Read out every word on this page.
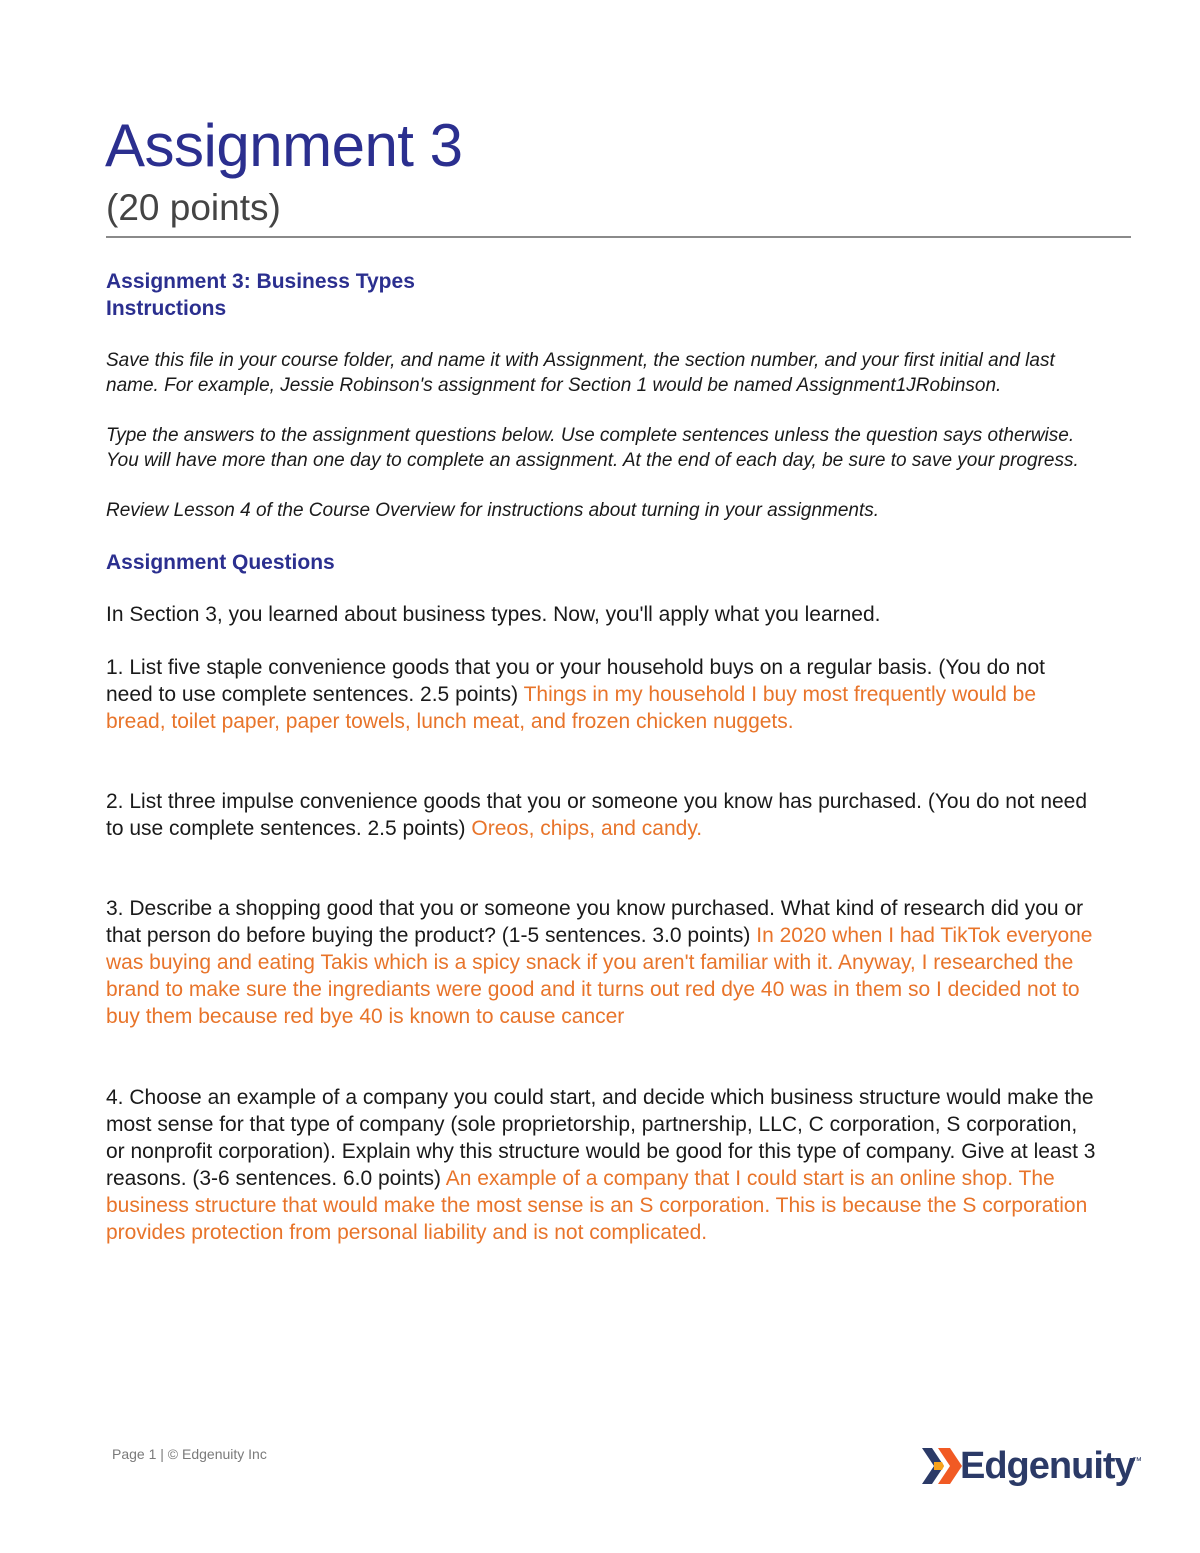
Assignment 3

(20 points)

Assignment 3: Business Types
Instructions

Save this file in your course folder, and name it with Assignment, the section number, and your first initial and last name. For example, Jessie Robinson's assignment for Section 1 would be named Assignment1JRobinson.

Type the answers to the assignment questions below. Use complete sentences unless the question says otherwise. You will have more than one day to complete an assignment. At the end of each day, be sure to save your progress.

Review Lesson 4 of the Course Overview for instructions about turning in your assignments.

Assignment Questions

In Section 3, you learned about business types. Now, you'll apply what you learned.

1. List five staple convenience goods that you or your household buys on a regular basis. (You do not need to use complete sentences. 2.5 points) Things in my household I buy most frequently would be bread, toilet paper, paper towels, lunch meat, and frozen chicken nuggets.

2. List three impulse convenience goods that you or someone you know has purchased. (You do not need to use complete sentences. 2.5 points) Oreos, chips, and candy.

3. Describe a shopping good that you or someone you know purchased. What kind of research did you or that person do before buying the product? (1-5 sentences. 3.0 points) In 2020 when I had TikTok everyone was buying and eating Takis which is a spicy snack if you aren't familiar with it. Anyway, I researched the brand to make sure the ingrediants were good and it turns out red dye 40 was in them so I decided not to buy them because red bye 40 is known to cause cancer

4. Choose an example of a company you could start, and decide which business structure would make the most sense for that type of company (sole proprietorship, partnership, LLC, C corporation, S corporation, or nonprofit corporation). Explain why this structure would be good for this type of company. Give at least 3 reasons. (3-6 sentences. 6.0 points) An example of a company that I could start is an online shop. The business structure that would make the most sense is an S corporation. This is because the S corporation provides protection from personal liability and is not complicated.

Page 1 | © Edgenuity Inc	Edgenuity

™
